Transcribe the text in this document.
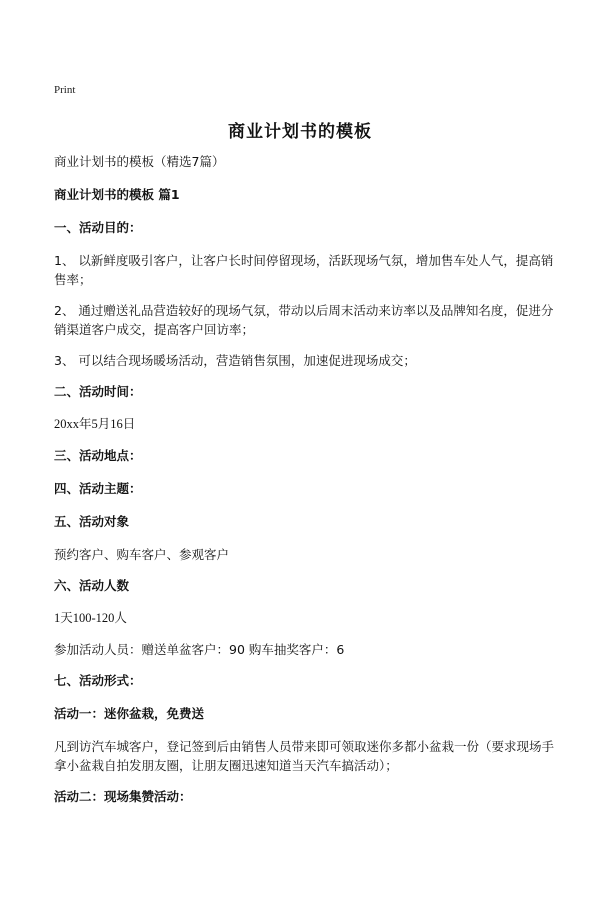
Print
商业计划书的模板

商业计划书的模板（精选7篇）

商业计划书的模板 篇1

一、活动目的：

1、 以新鲜度吸引客户，让客户长时间停留现场，活跃现场气氛，增加售车处人气，提高销售率；

2、 通过赠送礼品营造较好的现场气氛，带动以后周末活动来访率以及品牌知名度，促进分销渠道客户成交，提高客户回访率；

3、 可以结合现场暖场活动，营造销售氛围，加速促进现场成交；

二、活动时间：

20xx年5月16日

三、活动地点：

四、活动主题：

五、活动对象

预约客户、购车客户、参观客户

六、活动人数

1天100-120人

参加活动人员：赠送单盆客户：90 购车抽奖客户：6

七、活动形式：

活动一：迷你盆栽，免费送

凡到访汽车城客户，登记签到后由销售人员带来即可领取迷你多都小盆栽一份（要求现场手拿小盆栽自拍发朋友圈，让朋友圈迅速知道当天汽车搞活动）；

活动二：现场集赞活动：
